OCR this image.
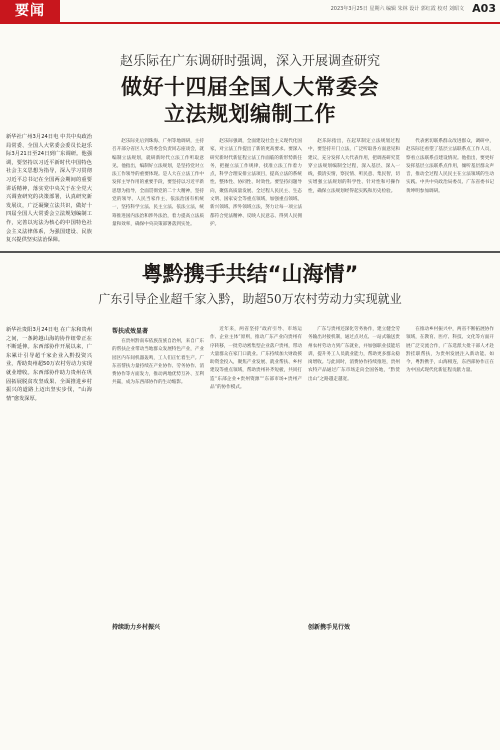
要闻	2023年3月25日 星期六 编辑 朱林 设计 郭红霞 校对 刘昭文 A03
赵乐际在广东调研时强调，深入开展调查研究
做好十四届全国人大常委会
立法规划编制工作
新华社广州3月24日电 中共中央政治局常委、全国人大常委会委员长赵乐际3月21日至24日到广东调研。他强调，要坚持以习近平新时代中国特色社会主义思想为指导，深入学习贯彻习近平总书记在全国两会期间的重要讲话精神，落实党中央关于在全党大兴调查研究的决策部署，认真研究新发展议，广泛凝聚立法共识，做好十四届全国人大常委会立法规划编制工作，完善以宪法为核心的中国特色社会主义法律体系，为强国建设、民族复兴提供坚实法治保障。

赵乐际先后到珠海、广州等地调研，主持召开部分省区人大常委会负责同志座谈会，就编制立法规划，就研新时代立法工作听取意见。他指出，编制好立法规划，是坚持党对立法工作领导的重要体现。是人大在立法工作中发挥主导作用的重要手段，要坚持以习近平新思想为指导，全面贯彻党的二十大精神，坚持党的领导、人民当家作主、依法治国有机统一，坚持科学立法、民主立法、依法立法，统筹推进国内法治和涉外法治，着力提高立法质量和效率，确保中央决策部署落到实处。

赵乐际强调，全面建设社会主义现代化国家，对立法工作提出了新的更高要求。要深入研究新时代新征程立法工作面临的新形势新任务，把握立法工作规律，找准立法工作着力点，科学合理安排立法项目，提高立法的系统性、整体性、协同性、时效性。要坚持问题导向，聚焦高质量发展、全过程人民民主、生态文明、国家安全等重点领域，加强重点领域、新兴领域、涉外领域立法，努力让每一项立法都符合宪法精神、反映人民意志、得到人民拥护。

赵乐际指出，在起草制定立法规划过程中，要坚持开门立法，广泛听取各方面意见和建议，充分发挥人大代表作用，把调查研究贯穿立法规划编制全过程，深入基层、深入一线，摸清实情，察民情、听民意、集民智，切实增强立法规划的科学性、针对性和可操作性，确保立法规划经得起实践和历史检验。

代表密切联系群众改进群众，调研中，赵乐际还看望了基层立法联系点工作人员，察看立法联系点建设情况。他指出，要更好发挥基层立法联系点作用，倾听基层群众声音，推动全过程人民民主在立法领域的生动实践。中共中央政治局委员、广东省委书记黄坤明参加调研。

粤黔携手共结“山海情”
广东引导企业超千家入黔，助超50万农村劳动力实现就业
新华社贵阳3月24日电 在广东和贵州之间，一条跨越山海的协作纽带正在不断延伸。东西部协作开展以来，广东累计引导超千家企业入黔投资兴业，帮助贵州超50万农村劳动力实现就业增收。东西部协作助力贵州在巩固拓展脱贫攻坚成果、全面推进乡村振兴的道路上迈出坚实步伐，“山海情”愈发深厚。
帮扶成效显著

在贵州黔南布依族苗族自治州，来自广东的帮扶企业带动当地群众发展特色产业，产业园区内车间机器轰鸣，工人们正忙着生产。广东省帮扶力量持续在产业协作、劳务协作、消费协作等方面发力，推动两地优势互补、互利共赢，成为东西部协作的生动缩影。

近年来，两省坚持“政府引导、市场运作、企业主体”原则，推动广东产业向贵州有序转移，一批劳动密集型企业落户贵州，带动大量群众在家门口就业。广东持续加大财政援助资金投入，聚焦产业发展、就业帮扶、乡村建设等重点领域，帮助贵州补齐短板，共同打造“东部企业+贵州资源”“东部市场+贵州产品”的协作模式。

广东与贵州还深化劳务协作，建立健全劳务输出对接机制，通过点对点、一站式输送贵州农村劳动力到广东就业，并加强职业技能培训，提升务工人员就业能力，帮助更多群众稳岗增收。与此同时，消费协作持续推进，贵州农特产品通过广东市场走向全国各地，“黔货出山”之路越走越宽。

在推动乡村振兴中，两省不断拓展协作领域，在教育、医疗、科技、文化等方面开展广泛交流合作，广东选派大批干部人才赴黔挂职帮扶，为贵州发展注入新动能。如今，粤黔携手，山海相连，东西部协作正在为中国式现代化新征程贡献力量。

持续助力乡村振兴	创新携手见行效
